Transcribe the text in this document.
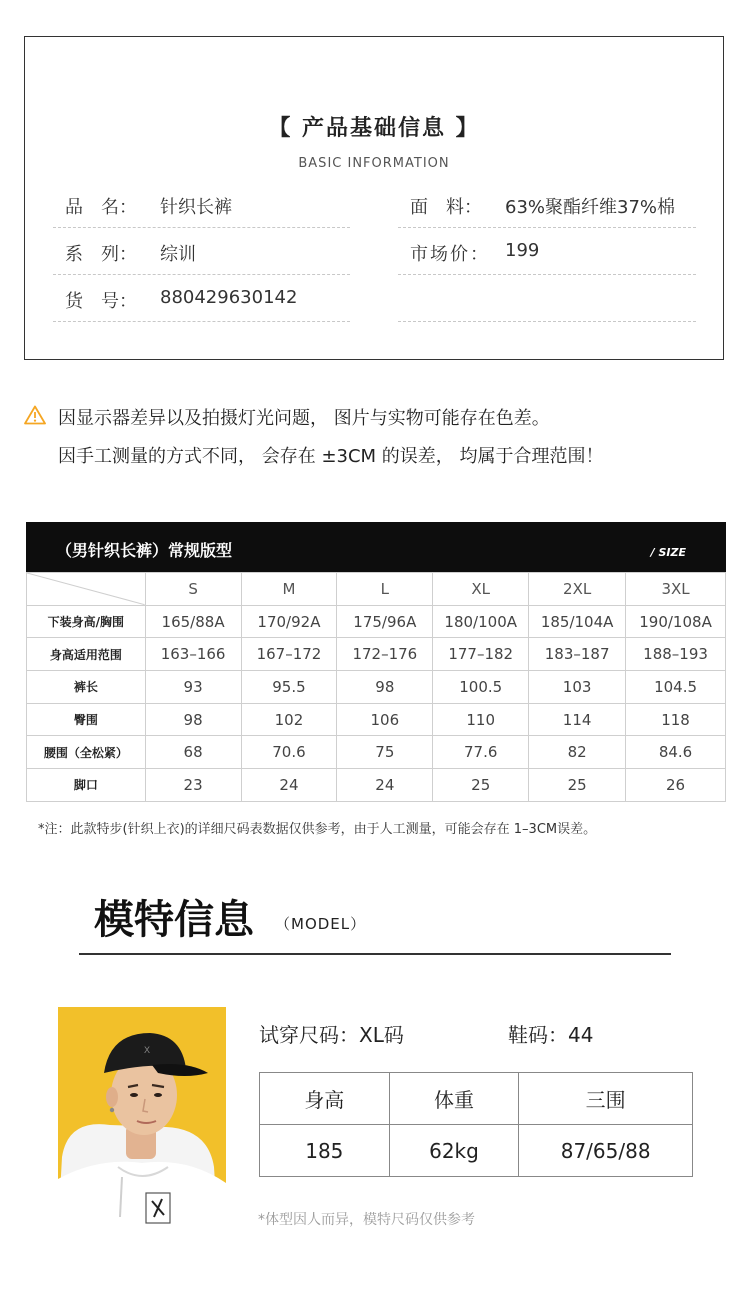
【 产品基础信息 】
BASIC INFORMATION
品　名： 针织长裤	面　料： 63%聚酯纤维37%棉
系　列： 综训	市场价： 199
货　号： 880429630142
因显示器差异以及拍摄灯光问题， 图片与实物可能存在色差。
因手工测量的方式不同， 会存在 ±3CM 的误差， 均属于合理范围！
（男针织长裤）常规版型	/ SIZE
	S	M	L	XL	2XL	3XL
下装身高/胸围	165/88A	170/92A	175/96A	180/100A	185/104A	190/108A
身高适用范围	163–166	167–172	172–176	177–182	183–187	188–193
裤长	93	95.5	98	100.5	103	104.5
臀围	98	102	106	110	114	118
腰围（全松紧）	68	70.6	75	77.6	82	84.6
脚口	23	24	24	25	25	26
*注：此款特步(针织上衣)的详细尺码表数据仅供参考，由于人工测量，可能会存在 1–3CM误差。
模特信息 （MODEL）
X
试穿尺码：XL码	鞋码：44
身高	体重	三围
185	62kg	87/65/88
*体型因人而异，模特尺码仅供参考
